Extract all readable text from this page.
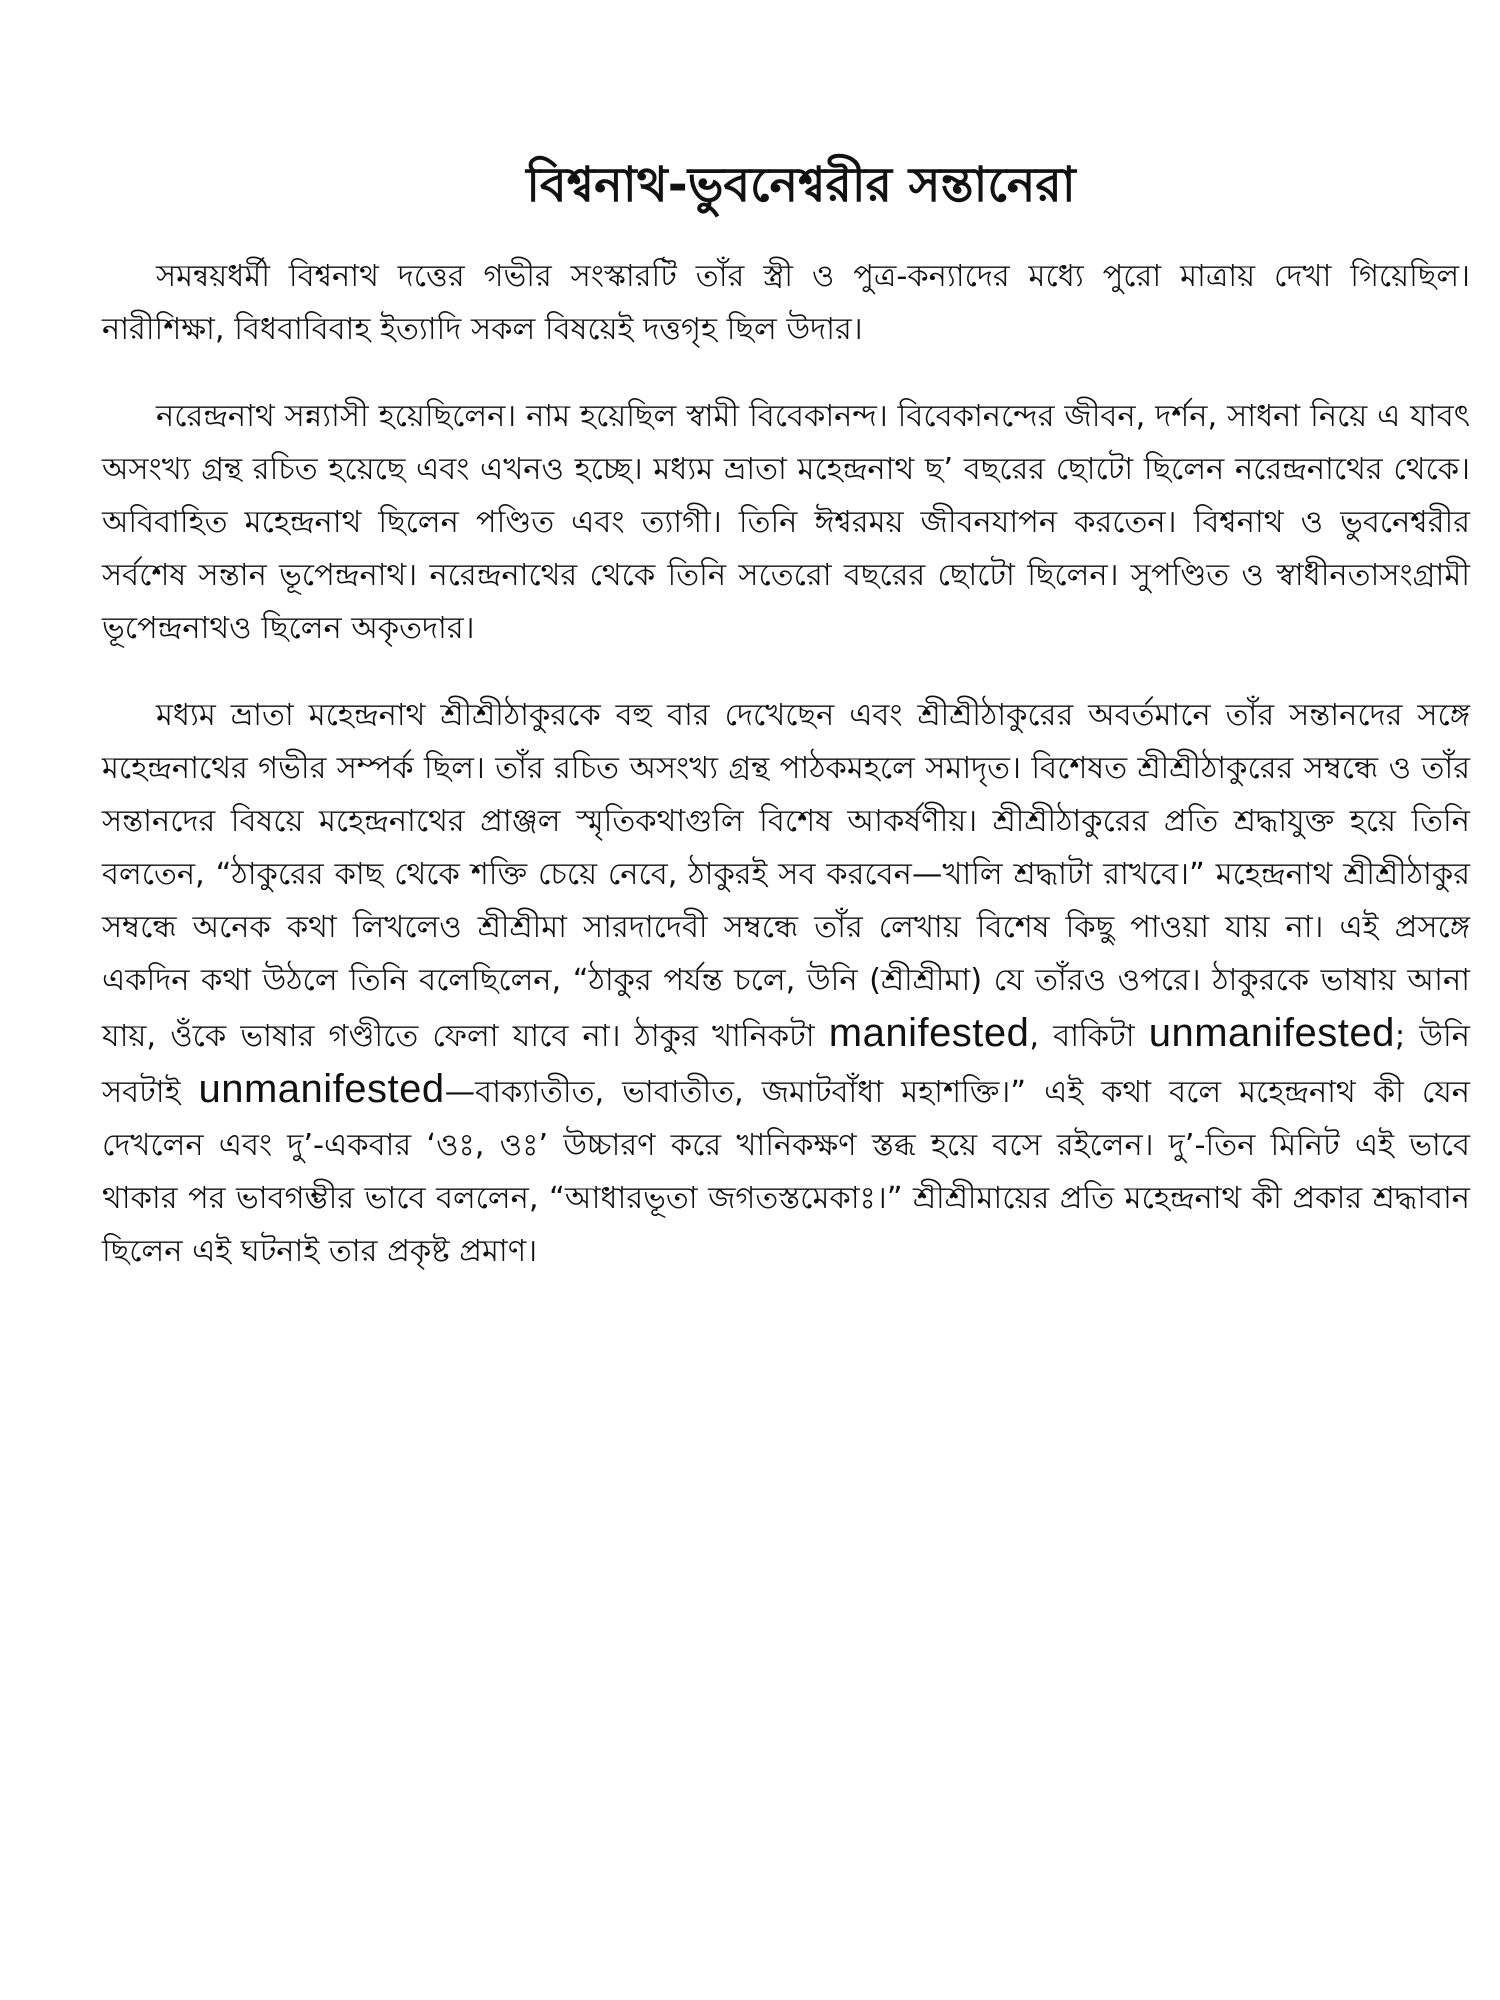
বিশ্বনাথ-ভুবনেশ্বরীর সন্তানেরা

সমন্বয়ধর্মী বিশ্বনাথ দত্তের গভীর সংস্কারটি তাঁর স্ত্রী ও পুত্র-কন্যাদের মধ্যে পুরো মাত্রায় দেখা গিয়েছিল। নারীশিক্ষা, বিধবাবিবাহ ইত্যাদি সকল বিষয়েই দত্তগৃহ ছিল উদার।

নরেন্দ্রনাথ সন্ন্যাসী হয়েছিলেন। নাম হয়েছিল স্বামী বিবেকানন্দ। বিবেকানন্দের জীবন, দর্শন, সাধনা নিয়ে এ যাবৎ অসংখ্য গ্রন্থ রচিত হয়েছে এবং এখনও হচ্ছে। মধ্যম ভ্রাতা মহেন্দ্রনাথ ছ’ বছরের ছোটো ছিলেন নরেন্দ্রনাথের থেকে। অবিবাহিত মহেন্দ্রনাথ ছিলেন পণ্ডিত এবং ত্যাগী। তিনি ঈশ্বরময় জীবনযাপন করতেন। বিশ্বনাথ ও ভুবনেশ্বরীর সর্বশেষ সন্তান ভূপেন্দ্রনাথ। নরেন্দ্রনাথের থেকে তিনি সতেরো বছরের ছোটো ছিলেন। সুপণ্ডিত ও স্বাধীনতাসংগ্রামী ভূপেন্দ্রনাথও ছিলেন অকৃতদার।

মধ্যম ভ্রাতা মহেন্দ্রনাথ শ্রীশ্রীঠাকুরকে বহু বার দেখেছেন এবং শ্রীশ্রীঠাকুরের অবর্তমানে তাঁর সন্তানদের সঙ্গে মহেন্দ্রনাথের গভীর সম্পর্ক ছিল। তাঁর রচিত অসংখ্য গ্রন্থ পাঠকমহলে সমাদৃত। বিশেষত শ্রীশ্রীঠাকুরের সম্বন্ধে ও তাঁর সন্তানদের বিষয়ে মহেন্দ্রনাথের প্রাঞ্জল স্মৃতিকথাগুলি বিশেষ আকর্ষণীয়। শ্রীশ্রীঠাকুরের প্রতি শ্রদ্ধাযুক্ত হয়ে তিনি বলতেন, “ঠাকুরের কাছ থেকে শক্তি চেয়ে নেবে, ঠাকুরই সব করবেন—খালি শ্রদ্ধাটা রাখবে।” মহেন্দ্রনাথ শ্রীশ্রীঠাকুর সম্বন্ধে অনেক কথা লিখলেও শ্রীশ্রীমা সারদাদেবী সম্বন্ধে তাঁর লেখায় বিশেষ কিছু পাওয়া যায় না। এই প্রসঙ্গে একদিন কথা উঠলে তিনি বলেছিলেন, “ঠাকুর পর্যন্ত চলে, উনি (শ্রীশ্রীমা) যে তাঁরও ওপরে। ঠাকুরকে ভাষায় আনা যায়, ওঁকে ভাষার গণ্ডীতে ফেলা যাবে না। ঠাকুর খানিকটা manifested, বাকিটা unmanifested; উনি সবটাই unmanifested—বাক্যাতীত, ভাবাতীত, জমাটবাঁধা মহাশক্তি।” এই কথা বলে মহেন্দ্রনাথ কী যেন দেখলেন এবং দু’-একবার ‘ওঃ, ওঃ’ উচ্চারণ করে খানিকক্ষণ স্তব্ধ হয়ে বসে রইলেন। দু’-তিন মিনিট এই ভাবে থাকার পর ভাবগম্ভীর ভাবে বললেন, “আধারভূতা জগতস্তমেকাঃ।” শ্রীশ্রীমায়ের প্রতি মহেন্দ্রনাথ কী প্রকার শ্রদ্ধাবান ছিলেন এই ঘটনাই তার প্রকৃষ্ট প্রমাণ।
